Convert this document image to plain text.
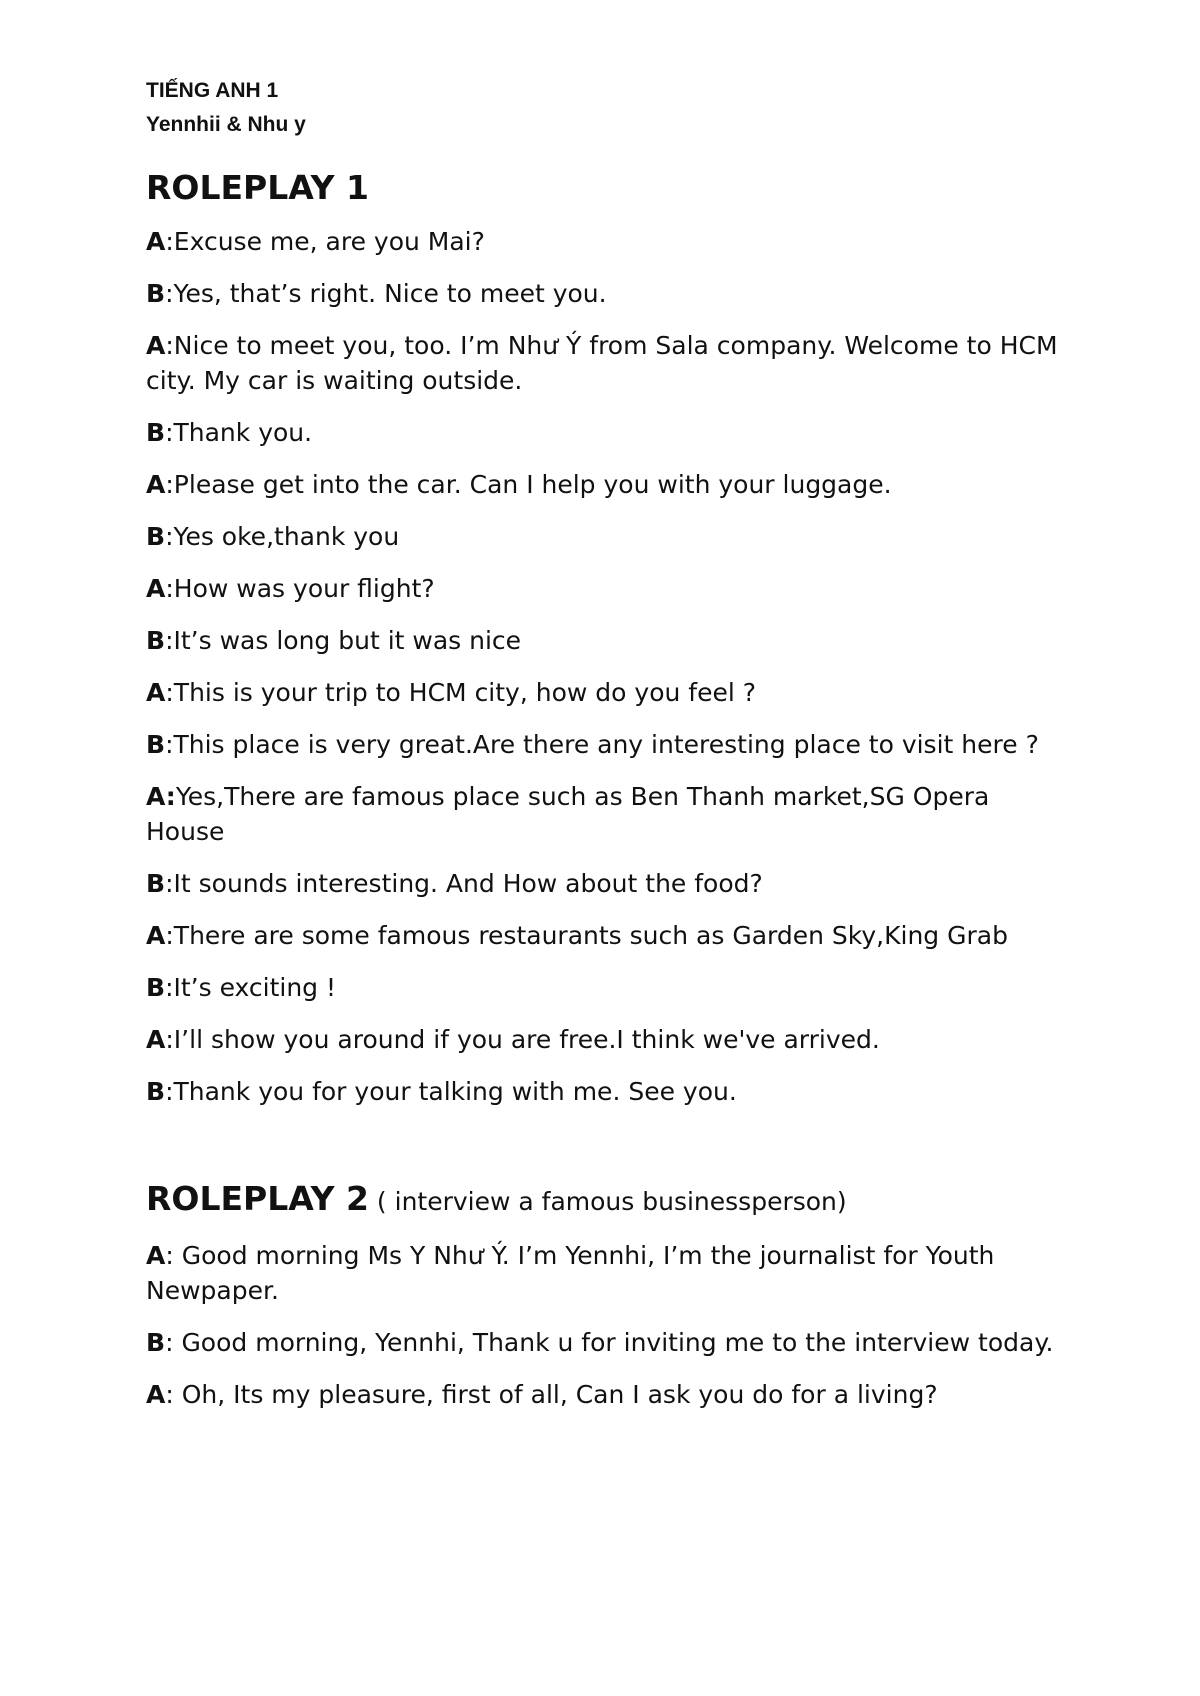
TIẾNG ANH 1

Yennhii & Nhu y

ROLEPLAY 1

A:Excuse me, are you Mai?

B:Yes, that’s right. Nice to meet you.

A:Nice to meet you, too. I’m Như Ý from Sala company. Welcome to HCM city. My car is waiting outside.

B:Thank you.

A:Please get into the car. Can I help you with your luggage.

B:Yes oke,thank you

A:How was your flight?

B:It’s was long but it was nice

A:This is your trip to HCM city, how do you feel ?

B:This place is very great.Are there any interesting place to visit here ?

A:Yes,There are famous place such as Ben Thanh market,SG Opera House

B:It sounds interesting. And How about the food?

A:There are some famous restaurants such as Garden Sky,King Grab

B:It’s exciting !

A:I’ll show you around if you are free.I think we've arrived.

B:Thank you for your talking with me. See you.

ROLEPLAY 2 ( interview a famous businessperson)

A: Good morning Ms Y Như Ý. I’m Yennhi, I’m the journalist for Youth Newpaper.

B: Good morning, Yennhi, Thank u for inviting me to the interview today.

A: Oh, Its my pleasure, first of all, Can I ask you do for a living?
